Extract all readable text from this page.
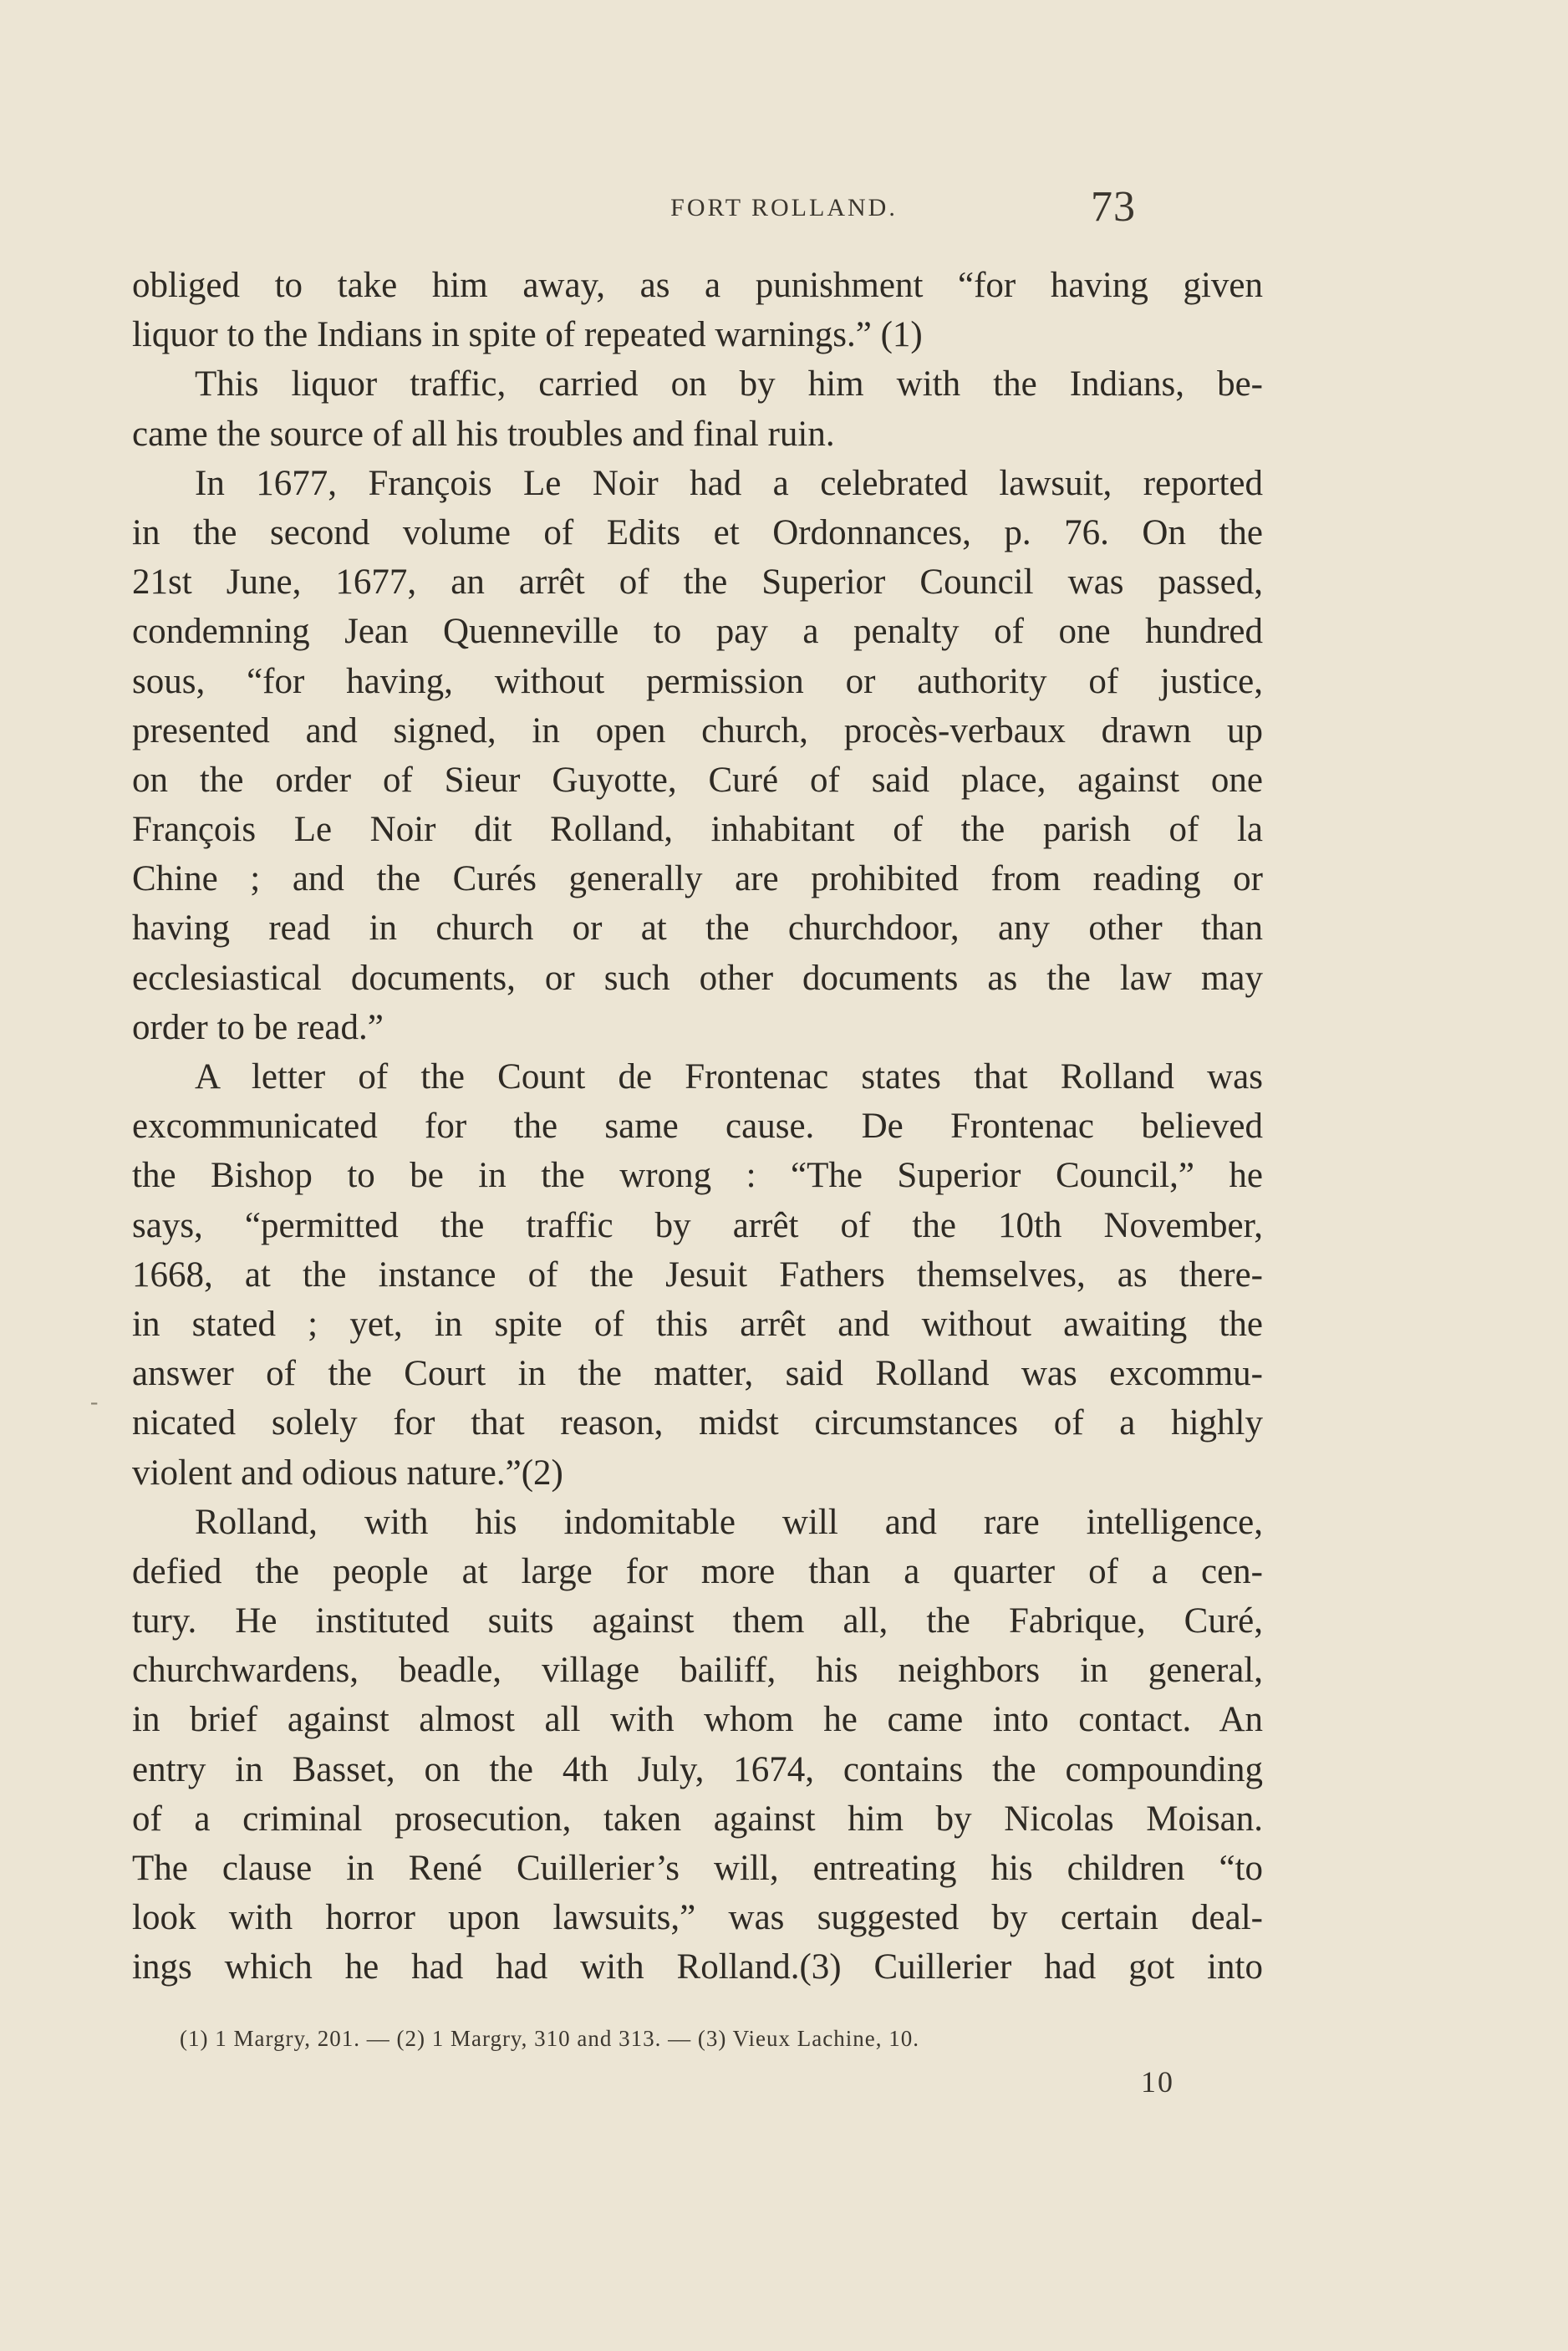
FORT ROLLAND.	73
-
obliged to take him away, as a punishment “for having given
liquor to the Indians in spite of repeated warnings.” (1)
This liquor traffic, carried on by him with the Indians, be-
came the source of all his troubles and final ruin.
In 1677, François Le Noir had a celebrated lawsuit, reported
in the second volume of Edits et Ordonnances, p. 76. On the
21st June, 1677, an arrêt of the Superior Council was passed,
condemning Jean Quenneville to pay a penalty of one hundred
sous, “for having, without permission or authority of justice,
presented and signed, in open church, procès-verbaux drawn up
on the order of Sieur Guyotte, Curé of said place, against one
François Le Noir dit Rolland, inhabitant of the parish of la
Chine ; and the Curés generally are prohibited from reading or
having read in church or at the churchdoor, any other than
ecclesiastical documents, or such other documents as the law may
order to be read.”
A letter of the Count de Frontenac states that Rolland was
excommunicated for the same cause. De Frontenac believed
the Bishop to be in the wrong : “The Superior Council,” he
says, “permitted the traffic by arrêt of the 10th November,
1668, at the instance of the Jesuit Fathers themselves, as there-
in stated ; yet, in spite of this arrêt and without awaiting the
answer of the Court in the matter, said Rolland was excommu-
nicated solely for that reason, midst circumstances of a highly
violent and odious nature.”(2)
Rolland, with his indomitable will and rare intelligence,
defied the people at large for more than a quarter of a cen-
tury. He instituted suits against them all, the Fabrique, Curé,
churchwardens, beadle, village bailiff, his neighbors in general,
in brief against almost all with whom he came into contact. An
entry in Basset, on the 4th July, 1674, contains the compounding
of a criminal prosecution, taken against him by Nicolas Moisan.
The clause in René Cuillerier’s will, entreating his children “to
look with horror upon lawsuits,” was suggested by certain deal-
ings which he had had with Rolland.(3) Cuillerier had got into
(1) 1 Margry, 201. — (2) 1 Margry, 310 and 313. — (3) Vieux Lachine, 10.
10
